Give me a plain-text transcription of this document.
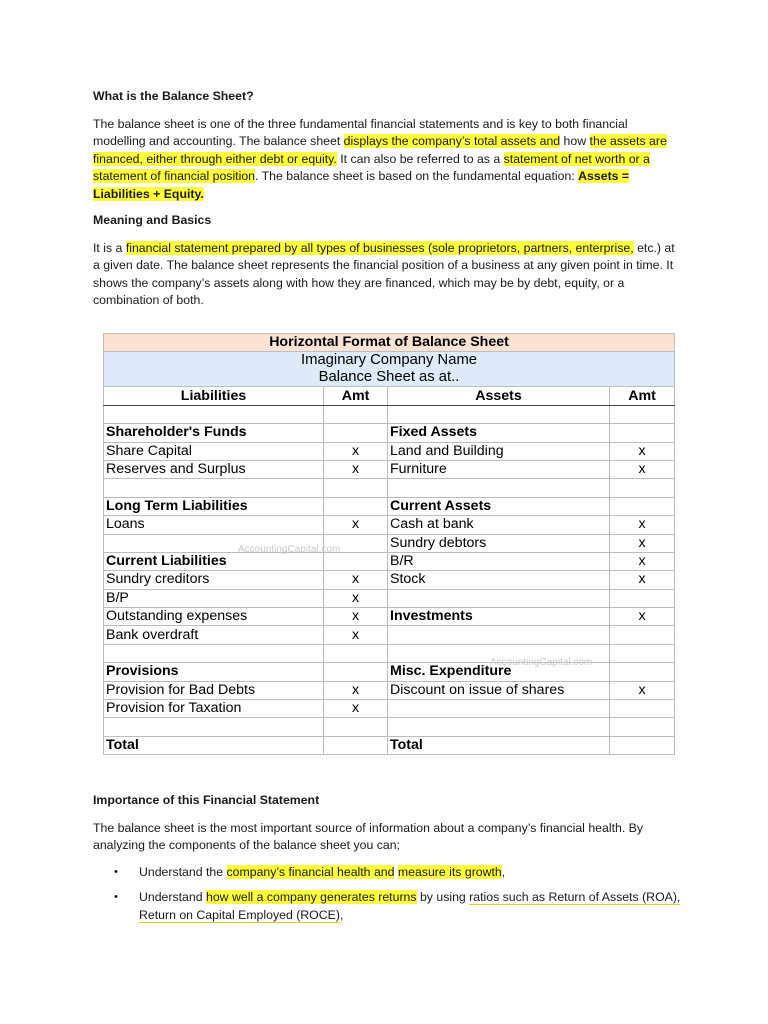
What is the Balance Sheet?

The balance sheet is one of the three fundamental financial statements and is key to both financial modelling and accounting. The balance sheet displays the company’s total assets and how the assets are financed, either through either debt or equity. It can also be referred to as a statement of net worth or a statement of financial position. The balance sheet is based on the fundamental equation: Assets = Liabilities + Equity.

Meaning and Basics

It is a financial statement prepared by all types of businesses (sole proprietors, partners, enterprise, etc.) at a given date. The balance sheet represents the financial position of a business at any given point in time. It shows the company’s assets along with how they are financed, which may be by debt, equity, or a combination of both.

Horizontal Format of Balance Sheet			

Imaginary Company Name
Balance Sheet as at..			

Liabilities	Amt	Assets	Amt

Shareholder's Funds		Fixed Assets	
Share Capital	x	Land and Building	x
Reserves and Surplus	x	Furniture	x

Long Term Liabilities		Current Assets	
Loans	x	Cash at bank	x
		Sundry debtors	x
Current Liabilities		B/R	x
Sundry creditors	x	Stock	x
B/P	x		
Outstanding expenses	x	Investments	x
Bank overdraft	x		

Provisions		Misc. Expenditure	
Provision for Bad Debts	x	Discount on issue of shares	x
Provision for Taxation	x		

Total		Total	
AccountingCapital.com
AccountingCapital.com
Importance of this Financial Statement

The balance sheet is the most important source of information about a company’s financial health. By analyzing the components of the balance sheet you can;

• Understand the company’s financial health and measure its growth,
• Understand how well a company generates returns by using ratios such as Return of Assets (ROA), Return on Capital Employed (ROCE),
